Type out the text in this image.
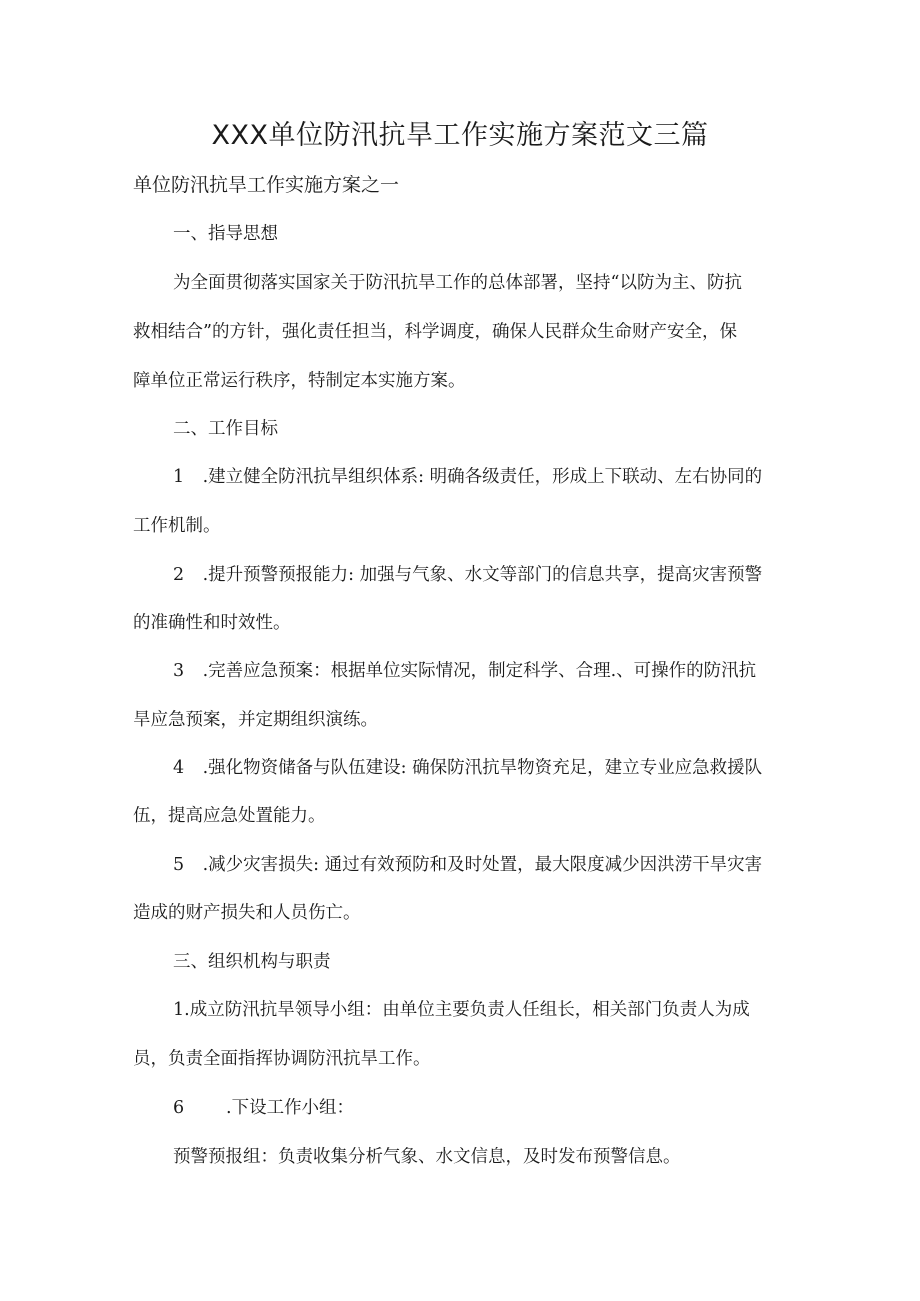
XXX单位防汛抗旱工作实施方案范文三篇
单位防汛抗旱工作实施方案之一
一、指导思想
为全面贯彻落实国家关于防汛抗旱工作的总体部署，坚持“以防为主、防抗
救相结合”的方针，强化责任担当，科学调度，确保人民群众生命财产安全，保
障单位正常运行秩序，特制定本实施方案。
二、工作目标
1 .建立健全防汛抗旱组织体系: 明确各级责任，形成上下联动、左右协同的
工作机制。
2 .提升预警预报能力: 加强与气象、水文等部门的信息共享，提高灾害预警
的准确性和时效性。
3 .完善应急预案：根据单位实际情况，制定科学、合理.、可操作的防汛抗
旱应急预案，并定期组织演练。
4 .强化物资储备与队伍建设: 确保防汛抗旱物资充足，建立专业应急救援队
伍，提高应急处置能力。
5 .减少灾害损失: 通过有效预防和及时处置，最大限度减少因洪涝干旱灾害
造成的财产损失和人员伤亡。
三、组织机构与职责
1.成立防汛抗旱领导小组：由单位主要负责人任组长，相关部门负责人为成
员，负责全面指挥协调防汛抗旱工作。
6 .下设工作小组：
预警预报组：负责收集分析气象、水文信息，及时发布预警信息。
